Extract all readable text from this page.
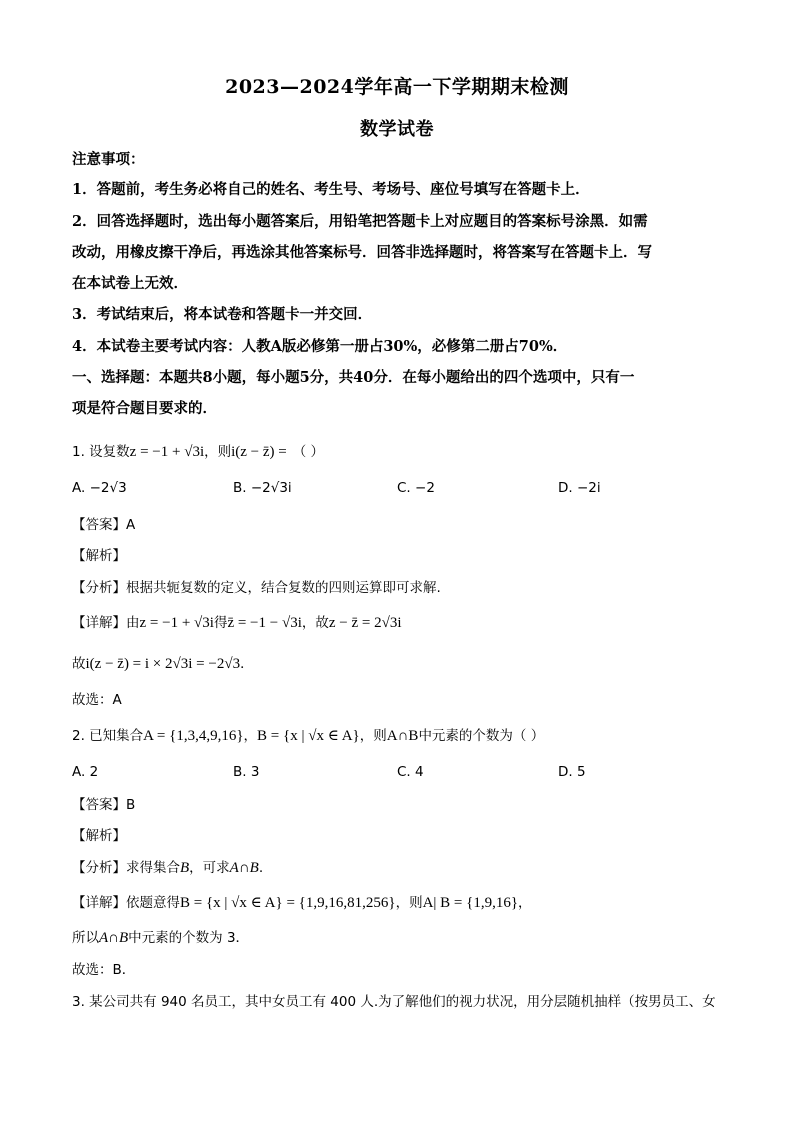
2023—2024学年高一下学期期末检测
数学试卷
注意事项：
1．答题前，考生务必将自己的姓名、考生号、考场号、座位号填写在答题卡上．
2．回答选择题时，选出每小题答案后，用铅笔把答题卡上对应题目的答案标号涂黑．如需
改动，用橡皮擦干净后，再选涂其他答案标号．回答非选择题时，将答案写在答题卡上．写
在本试卷上无效．
3．考试结束后，将本试卷和答题卡一并交回．
4．本试卷主要考试内容：人教A版必修第一册占30%，必修第二册占70%．
一、选择题：本题共8小题，每小题5分，共40分．在每小题给出的四个选项中，只有一
项是符合题目要求的．
1. 设复数z = −1 + √3i，则i(z − z̄) = （ ）
A. −2√3	B. −2√3i	C. −2	D. −2i
【答案】A
【解析】
【分析】根据共轭复数的定义，结合复数的四则运算即可求解.
【详解】由z = −1 + √3i得z̄ = −1 − √3i，故z − z̄ = 2√3i
故i(z − z̄) = i × 2√3i = −2√3．
故选：A
2. 已知集合A = {1,3,4,9,16}，B = {x | √x ∈ A}，则A∩B中元素的个数为（ ）
A. 2	B. 3	C. 4	D. 5
【答案】B
【解析】
【分析】求得集合B，可求A∩B.
【详解】依题意得B = {x | √x ∈ A} = {1,9,16,81,256}，则A| B = {1,9,16}，
所以A∩B中元素的个数为 3．
故选：B．
3. 某公司共有 940 名员工，其中女员工有 400 人.为了解他们的视力状况，用分层随机抽样（按男员工、女
